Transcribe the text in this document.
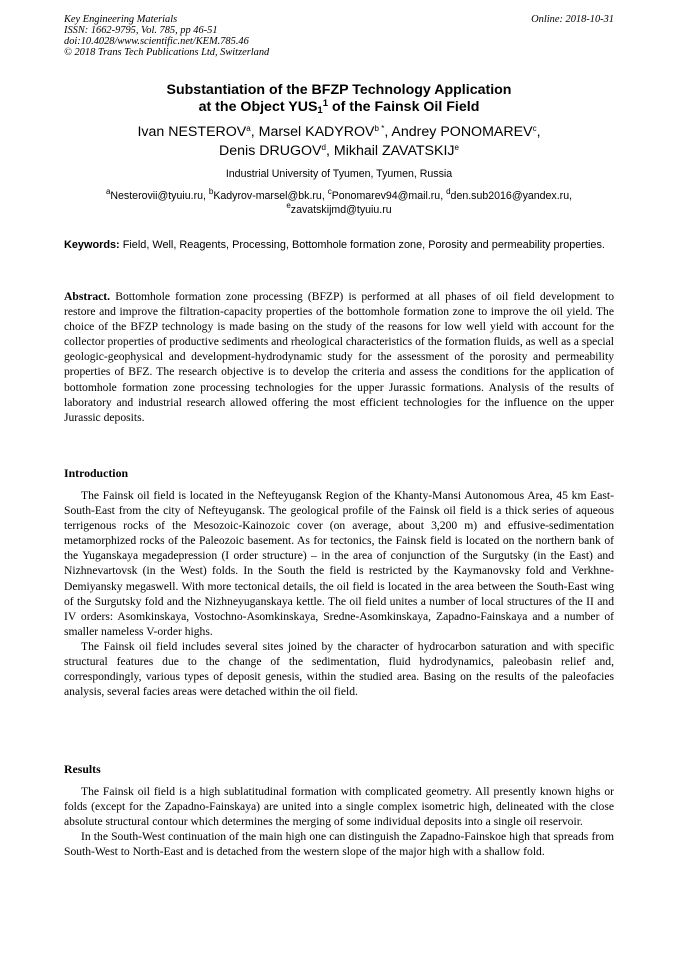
Key Engineering Materials
ISSN: 1662-9795, Vol. 785, pp 46-51
doi:10.4028/www.scientific.net/KEM.785.46
© 2018 Trans Tech Publications Ltd, Switzerland
Online: 2018-10-31
Substantiation of the BFZP Technology Application
at the Object $YUS_1^1$ of the Fainsk Oil Field
Ivan NESTEROV$^a$, Marsel $KADYROV^{b *}$, Andrey PONOMAREV$^c$,
Denis DRUGOV$^d$, Mikhail ZAVATSKIJ$^e$
Industrial University of Tyumen, Tyumen, Russia
$^a$Nesterovii@tyuiu.ru, $^b$Kadyrov-marsel@bk.ru, $^c$Ponomarev94@mail.ru, $^d$den.sub2016@yandex.ru,
$^e$zavatskijmd@tyuiu.ru
Keywords: Field, Well, Reagents, Processing, Bottomhole formation zone, Porosity and permeability properties.
Abstract. Bottomhole formation zone processing (BFZP) is performed at all phases of oil field development to restore and improve the filtration-capacity properties of the bottomhole formation zone to improve the oil yield. The choice of the BFZP technology is made basing on the study of the reasons for low well yield with account for the collector properties of productive sediments and rheological characteristics of the formation fluids, as well as a special geologic-geophysical and development-hydrodynamic study for the assessment of the porosity and permeability properties of BFZ. The research objective is to develop the criteria and assess the conditions for the application of bottomhole formation zone processing technologies for the upper Jurassic formations. Analysis of the results of laboratory and industrial research allowed offering the most efficient technologies for the influence on the upper Jurassic deposits.
Introduction

The Fainsk oil field is located in the Nefteyugansk Region of the Khanty-Mansi Autonomous Area, 45 km East-South-East from the city of Nefteyugansk. The geological profile of the Fainsk oil field is a thick series of aqueous terrigenous rocks of the Mesozoic-Kainozoic cover (on average, about 3,200 m) and effusive-sedimentation metamorphized rocks of the Paleozoic basement. As for tectonics, the Fainsk field is located on the northern bank of the Yuganskaya megadepression (I order structure) – in the area of conjunction of the Surgutsky (in the East) and Nizhnevartovsk (in the West) folds. In the South the field is restricted by the Kaymanovsky fold and Verkhne-Demiyansky megaswell. With more tectonical details, the oil field is located in the area between the South-East wing of the Surgutsky fold and the Nizhneyuganskaya kettle. The oil field unites a number of local structures of the II and IV orders: Asomkinskaya, Vostochno-Asomkinskaya, Sredne-Asomkinskaya, Zapadno-Fainskaya and a number of smaller nameless V-order highs.

The Fainsk oil field includes several sites joined by the character of hydrocarbon saturation and with specific structural features due to the change of the sedimentation, fluid hydrodynamics, paleobasin relief and, correspondingly, various types of deposit genesis, within the studied area. Basing on the results of the paleofacies analysis, several facies areas were detached within the oil field.

Results

The Fainsk oil field is a high sublatitudinal formation with complicated geometry. All presently known highs or folds (except for the Zapadno-Fainskaya) are united into a single complex isometric high, delineated with the close absolute structural contour which determines the merging of some individual deposits into a single oil reservoir.

In the South-West continuation of the main high one can distinguish the Zapadno-Fainskoe high that spreads from South-West to North-East and is detached from the western slope of the major high with a shallow fold.
